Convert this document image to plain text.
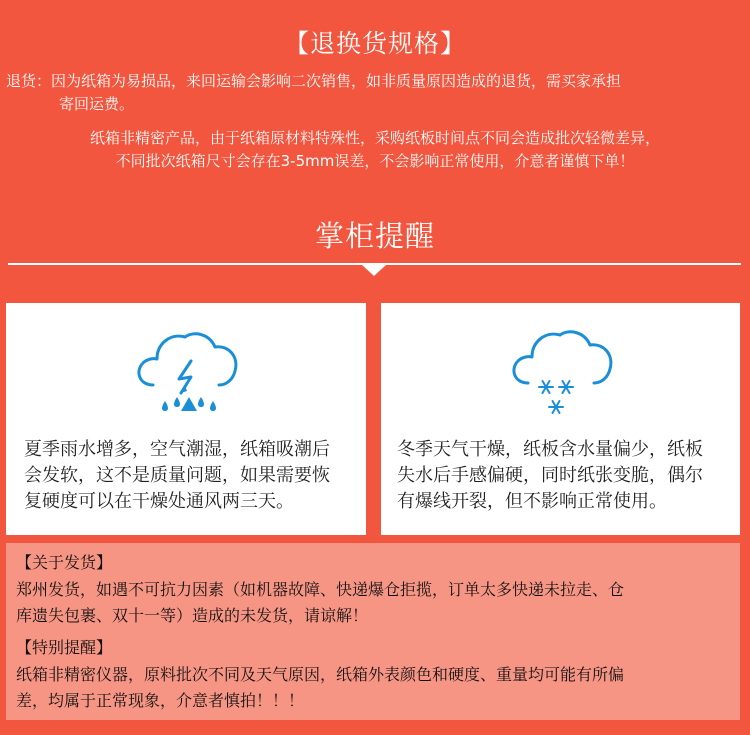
【退换货规格】
退货：因为纸箱为易损品，来回运输会影响二次销售，如非质量原因造成的退货，需买家承担
寄回运费。
纸箱非精密产品，由于纸箱原材料特殊性，采购纸板时间点不同会造成批次轻微差异，
不同批次纸箱尺寸会存在3-5mm误差，不会影响正常使用，介意者谨慎下单！
掌柜提醒
夏季雨水增多，空气潮湿，纸箱吸潮后
会发软，这不是质量问题，如果需要恢
复硬度可以在干燥处通风两三天。
冬季天气干燥，纸板含水量偏少，纸板
失水后手感偏硬，同时纸张变脆，偶尔
有爆线开裂，但不影响正常使用。
【关于发货】
郑州发货，如遇不可抗力因素（如机器故障、快递爆仓拒揽，订单太多快递未拉走、仓
库遗失包裹、双十一等）造成的未发货，请谅解！
【特别提醒】
纸箱非精密仪器，原料批次不同及天气原因，纸箱外表颜色和硬度、重量均可能有所偏
差，均属于正常现象，介意者慎拍！！！
